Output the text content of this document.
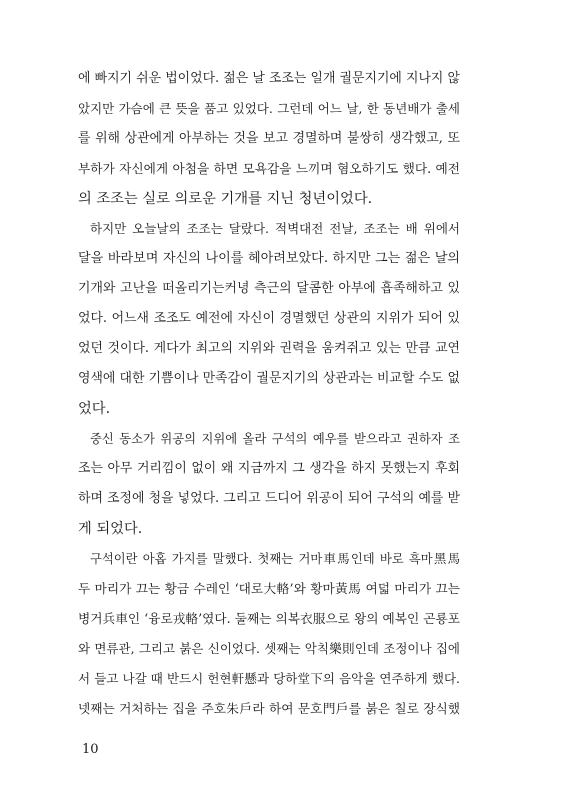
에 빠지기 쉬운 법이었다. 젊은 날 조조는 일개 궐문지기에 지나지 않
았지만 가슴에 큰 뜻을 품고 있었다. 그런데 어느 날, 한 동년배가 출세
를 위해 상관에게 아부하는 것을 보고 경멸하며 불쌍히 생각했고, 또
부하가 자신에게 아첨을 하면 모욕감을 느끼며 혐오하기도 했다. 예전
의 조조는 실로 의로운 기개를 지닌 청년이었다.
하지만 오늘날의 조조는 달랐다. 적벽대전 전날, 조조는 배 위에서
달을 바라보며 자신의 나이를 헤아려보았다. 하지만 그는 젊은 날의
기개와 고난을 떠올리기는커녕 측근의 달콤한 아부에 흡족해하고 있
었다. 어느새 조조도 예전에 자신이 경멸했던 상관의 지위가 되어 있
었던 것이다. 게다가 최고의 지위와 권력을 움켜쥐고 있는 만큼 교연
영색에 대한 기쁨이나 만족감이 궐문지기의 상관과는 비교할 수도 없
었다.
중신 동소가 위공의 지위에 올라 구석의 예우를 받으라고 권하자 조
조는 아무 거리낌이 없이 왜 지금까지 그 생각을 하지 못했는지 후회
하며 조정에 청을 넣었다. 그리고 드디어 위공이 되어 구석의 예를 받
게 되었다.
구석이란 아홉 가지를 말했다. 첫째는 거마車馬인데 바로 흑마黑馬
두 마리가 끄는 황금 수레인 ‘대로大輅’와 황마黃馬 여덟 마리가 끄는
병거兵車인 ‘융로戎輅’였다. 둘째는 의복衣服으로 왕의 예복인 곤룡포
와 면류관, 그리고 붉은 신이었다. 셋째는 악칙樂則인데 조정이나 집에
서 들고 나갈 때 반드시 헌현軒懸과 당하堂下의 음악을 연주하게 했다.
넷째는 거처하는 집을 주호朱戶라 하여 문호門戶를 붉은 칠로 장식했
10
